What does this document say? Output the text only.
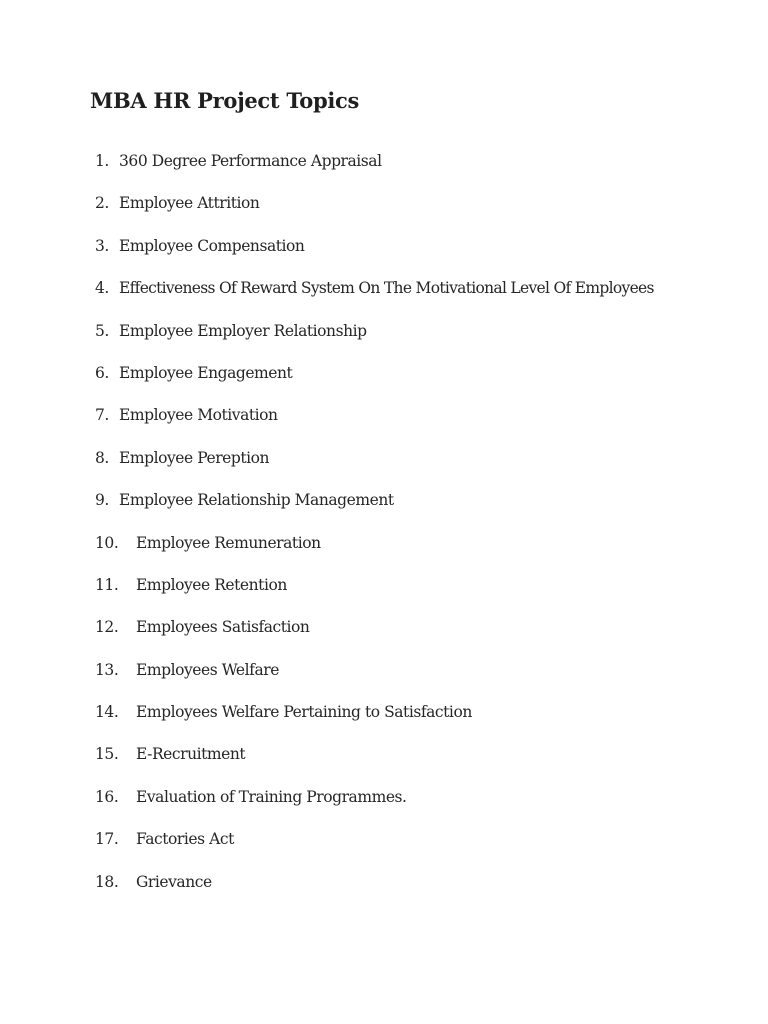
MBA HR Project Topics
1. 360 Degree Performance Appraisal
2. Employee Attrition
3. Employee Compensation
4. Effectiveness Of Reward System On The Motivational Level Of Employees
5. Employee Employer Relationship
6. Employee Engagement
7. Employee Motivation
8. Employee Pereption
9. Employee Relationship Management
10. Employee Remuneration
11. Employee Retention
12. Employees Satisfaction
13. Employees Welfare
14. Employees Welfare Pertaining to Satisfaction
15. E-Recruitment
16. Evaluation of Training Programmes.
17. Factories Act
18. Grievance
